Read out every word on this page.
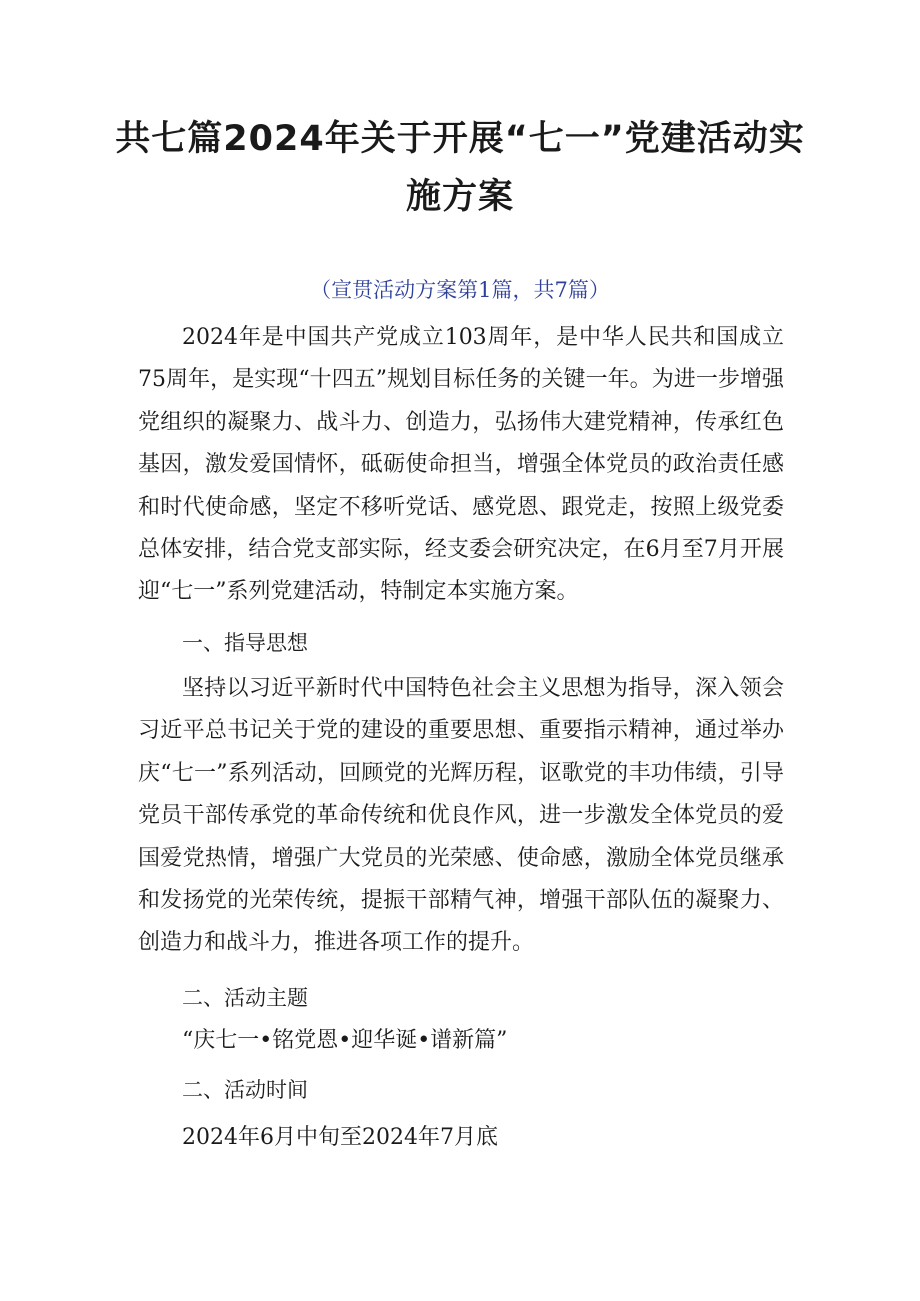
共七篇2024年关于开展“七一”党建活动实施方案

（宣贯活动方案第1篇，共7篇）

2024年是中国共产党成立103周年，是中华人民共和国成立75周年，是实现“十四五”规划目标任务的关键一年。为进一步增强党组织的凝聚力、战斗力、创造力，弘扬伟大建党精神，传承红色基因，激发爱国情怀，砥砺使命担当，增强全体党员的政治责任感和时代使命感，坚定不移听党话、感党恩、跟党走，按照上级党委总体安排，结合党支部实际，经支委会研究决定，在6月至7月开展迎“七一”系列党建活动，特制定本实施方案。

一、指导思想

坚持以习近平新时代中国特色社会主义思想为指导，深入领会习近平总书记关于党的建设的重要思想、重要指示精神，通过举办庆“七一”系列活动，回顾党的光辉历程，讴歌党的丰功伟绩，引导党员干部传承党的革命传统和优良作风，进一步激发全体党员的爱国爱党热情，增强广大党员的光荣感、使命感，激励全体党员继承和发扬党的光荣传统，提振干部精气神，增强干部队伍的凝聚力、创造力和战斗力，推进各项工作的提升。

二、活动主题

“庆七一•铭党恩•迎华诞•谱新篇”

二、活动时间

2024年6月中旬至2024年7月底
